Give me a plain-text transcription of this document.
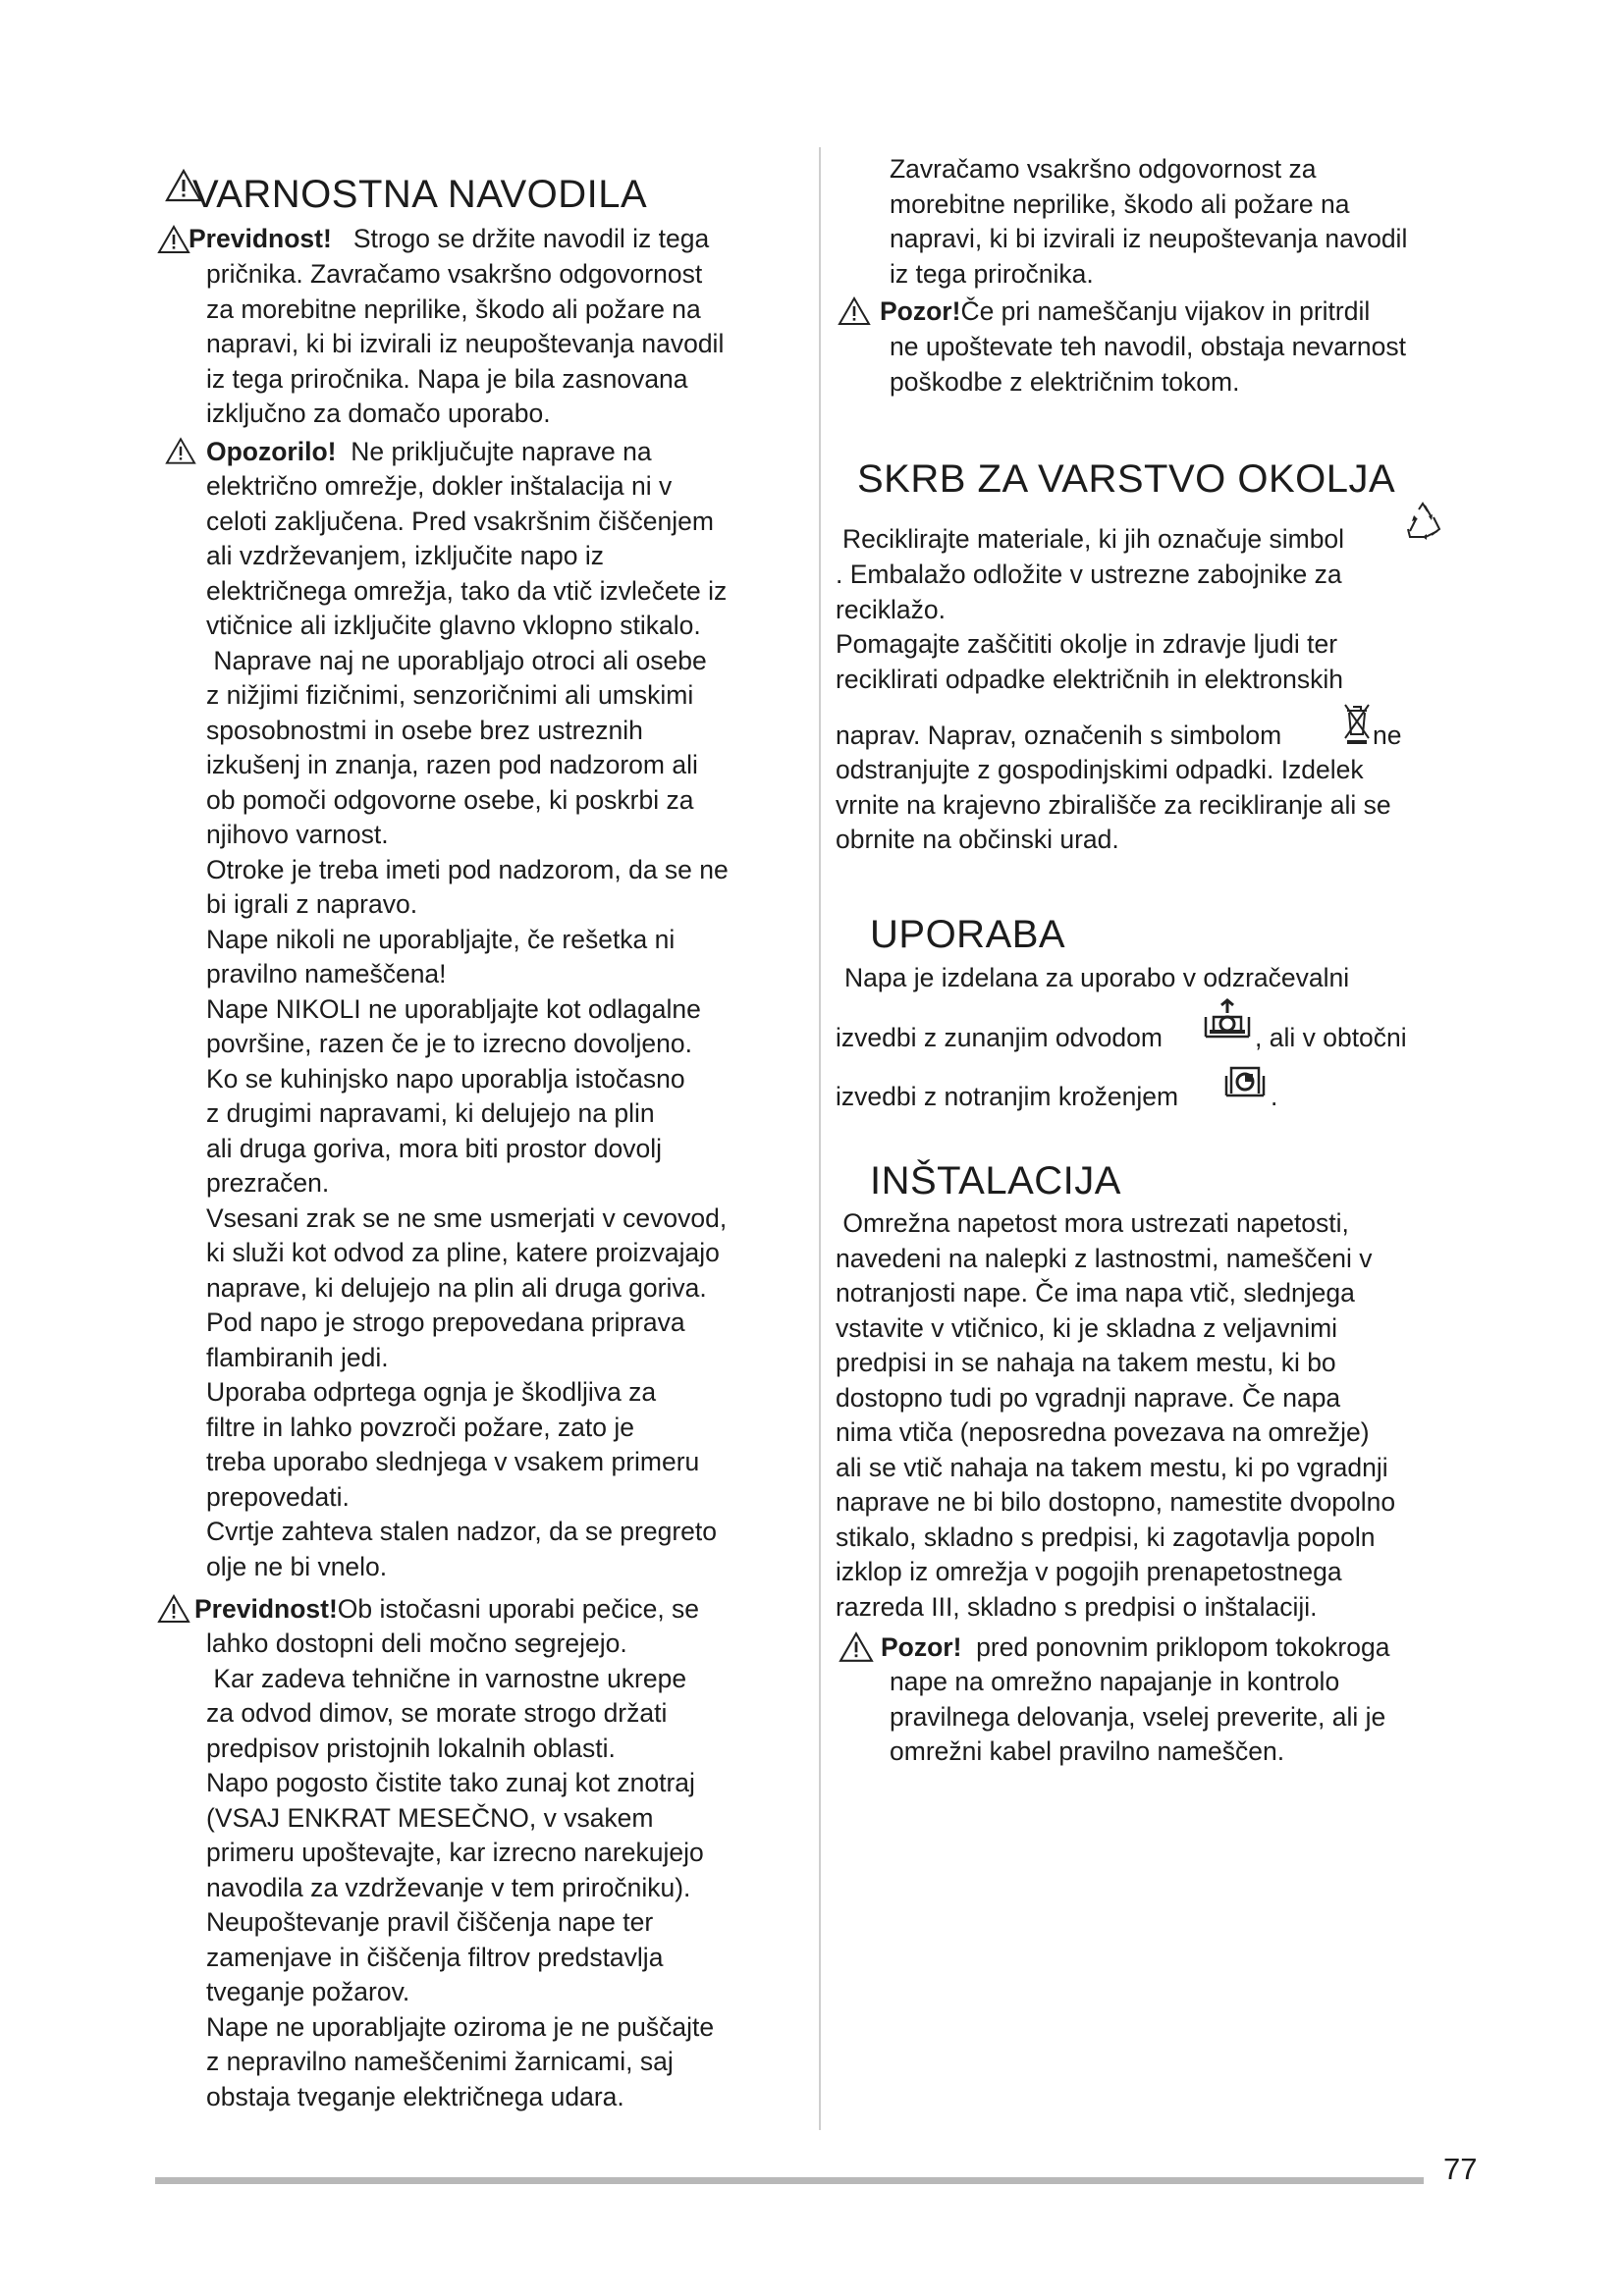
VARNOSTNA NAVODILA
Previdnost! Strogo se držite navodil iz tega
pričnika. Zavračamo vsakršno odgovornost
za morebitne neprilike, škodo ali požare na
napravi, ki bi izvirali iz neupoštevanja navodil
iz tega priročnika. Napa je bila zasnovana
izključno za domačo uporabo.
Opozorilo! Ne priključujte naprave na
električno omrežje, dokler inštalacija ni v
celoti zaključena. Pred vsakršnim čiščenjem
ali vzdrževanjem, izključite napo iz
električnega omrežja, tako da vtič izvlečete iz
vtičnice ali izključite glavno vklopno stikalo.
Naprave naj ne uporabljajo otroci ali osebe
z nižjimi fizičnimi, senzoričnimi ali umskimi
sposobnostmi in osebe brez ustreznih
izkušenj in znanja, razen pod nadzorom ali
ob pomoči odgovorne osebe, ki poskrbi za
njihovo varnost.
Otroke je treba imeti pod nadzorom, da se ne
bi igrali z napravo.
Nape nikoli ne uporabljajte, če rešetka ni
pravilno nameščena!
Nape NIKOLI ne uporabljajte kot odlagalne
površine, razen če je to izrecno dovoljeno.
Ko se kuhinjsko napo uporablja istočasno
z drugimi napravami, ki delujejo na plin
ali druga goriva, mora biti prostor dovolj
prezračen.
Vsesani zrak se ne sme usmerjati v cevovod,
ki služi kot odvod za pline, katere proizvajajo
naprave, ki delujejo na plin ali druga goriva.
Pod napo je strogo prepovedana priprava
flambiranih jedi.
Uporaba odprtega ognja je škodljiva za
filtre in lahko povzroči požare, zato je
treba uporabo slednjega v vsakem primeru
prepovedati.
Cvrtje zahteva stalen nadzor, da se pregreto
olje ne bi vnelo.
Previdnost!Ob istočasni uporabi pečice, se
lahko dostopni deli močno segrejejo.
Kar zadeva tehnične in varnostne ukrepe
za odvod dimov, se morate strogo držati
predpisov pristojnih lokalnih oblasti.
Napo pogosto čistite tako zunaj kot znotraj
(VSAJ ENKRAT MESEČNO, v vsakem
primeru upoštevajte, kar izrecno narekujejo
navodila za vzdrževanje v tem priročniku).
Neupoštevanje pravil čiščenja nape ter
zamenjave in čiščenja filtrov predstavlja
tveganje požarov.
Nape ne uporabljajte oziroma je ne puščajte
z nepravilno nameščenimi žarnicami, saj
obstaja tveganje električnega udara.
Zavračamo vsakršno odgovornost za
morebitne neprilike, škodo ali požare na
napravi, ki bi izvirali iz neupoštevanja navodil
iz tega priročnika.
Pozor!Če pri nameščanju vijakov in pritrdil
ne upoštevate teh navodil, obstaja nevarnost
poškodbe z električnim tokom.
SKRB ZA VARSTVO OKOLJA
Reciklirajte materiale, ki jih označuje simbol
. Embalažo odložite v ustrezne zabojnike za
reciklažo.
Pomagajte zaščititi okolje in zdravje ljudi ter
reciklirati odpadke električnih in elektronskih
naprav. Naprav, označenih s simbolom	ne
odstranjujte z gospodinjskimi odpadki. Izdelek
vrnite na krajevno zbirališče za recikliranje ali se
obrnite na občinski urad.
UPORABA
Napa je izdelana za uporabo v odzračevalni
izvedbi z zunanjim odvodom	, ali v obtočni
izvedbi z notranjim kroženjem	.
INŠTALACIJA
Omrežna napetost mora ustrezati napetosti,
navedeni na nalepki z lastnostmi, nameščeni v
notranjosti nape. Če ima napa vtič, slednjega
vstavite v vtičnico, ki je skladna z veljavnimi
predpisi in se nahaja na takem mestu, ki bo
dostopno tudi po vgradnji naprave. Če napa
nima vtiča (neposredna povezava na omrežje)
ali se vtič nahaja na takem mestu, ki po vgradnji
naprave ne bi bilo dostopno, namestite dvopolno
stikalo, skladno s predpisi, ki zagotavlja popoln
izklop iz omrežja v pogojih prenapetostnega
razreda III, skladno s predpisi o inštalaciji.
Pozor! pred ponovnim priklopom tokokroga
nape na omrežno napajanje in kontrolo
pravilnega delovanja, vselej preverite, ali je
omrežni kabel pravilno nameščen.
77
